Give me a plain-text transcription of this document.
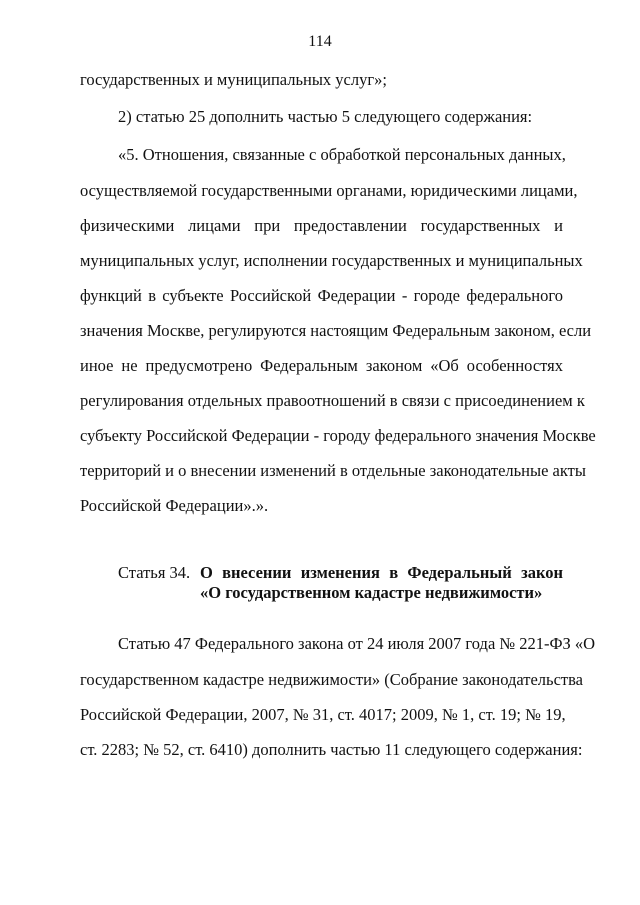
114
государственных и муниципальных услуг»;
2) статью 25 дополнить частью 5 следующего содержания:
«5. Отношения, связанные с обработкой персональных данных,
осуществляемой государственными органами, юридическими лицами,
физическими лицами при предоставлении государственных и
муниципальных услуг, исполнении государственных и муниципальных
функций в субъекте Российской Федерации - городе федерального
значения Москве, регулируются настоящим Федеральным законом, если
иное не предусмотрено Федеральным законом «Об особенностях
регулирования отдельных правоотношений в связи с присоединением к
субъекту Российской Федерации - городу федерального значения Москве
территорий и о внесении изменений в отдельные законодательные акты
Российской Федерации».».
Статья 34. О внесении изменения в Федеральный закон
«О государственном кадастре недвижимости»
Статью 47 Федерального закона от 24 июля 2007 года № 221-ФЗ «О
государственном кадастре недвижимости» (Собрание законодательства
Российской Федерации, 2007, № 31, ст. 4017; 2009, № 1, ст. 19; № 19,
ст. 2283; № 52, ст. 6410) дополнить частью 11 следующего содержания:
